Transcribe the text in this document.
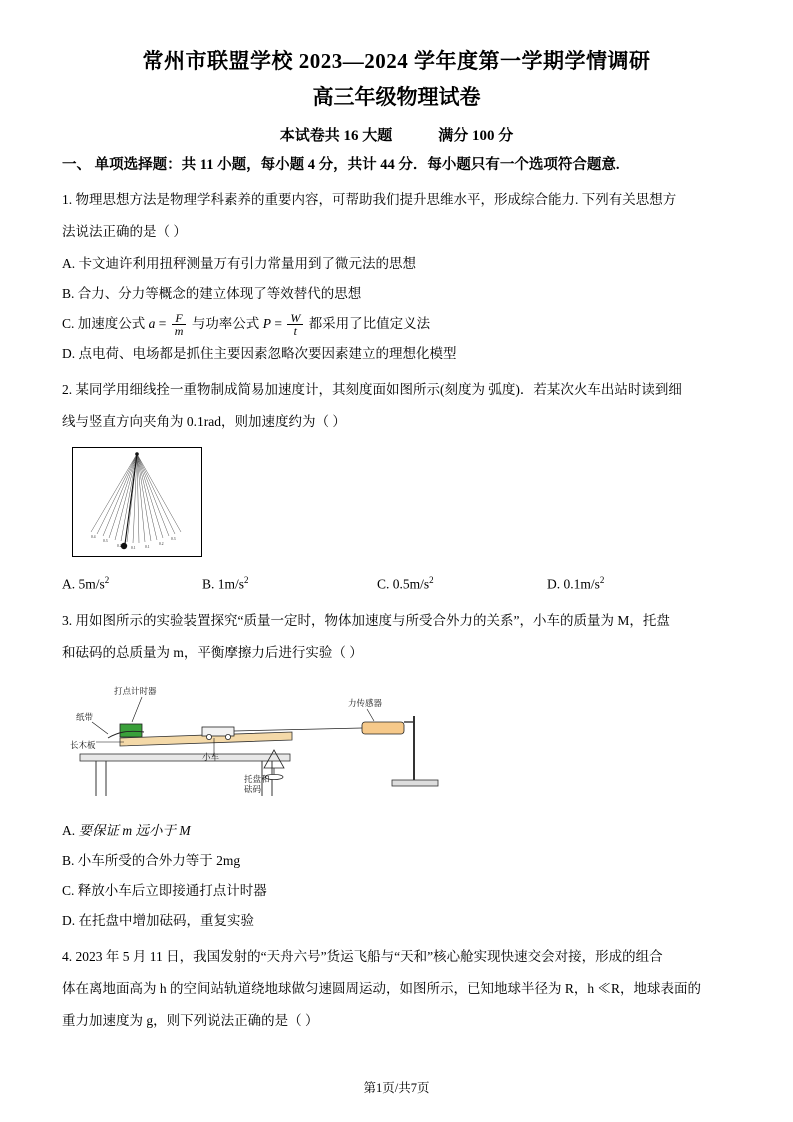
常州市联盟学校 2023—2024 学年度第一学期学情调研
高三年级物理试卷
本试卷共 16 大题	满分 100 分
一、 单项选择题：共 11 小题，每小题 4 分，共计 44 分．每小题只有一个选项符合题意.
1. 物理思想方法是物理学科素养的重要内容，可帮助我们提升思维水平，形成综合能力. 下列有关思想方
法说法正确的是（ ）
A. 卡文迪许利用扭秤测量万有引力常量用到了微元法的思想
B. 合力、分力等概念的建立体现了等效替代的思想
C. 加速度公式 $a = \frac{F}{m}$ 与功率公式 $P = \frac{W}{t}$ 都采用了比值定义法
D. 点电荷、电场都是抓住主要因素忽略次要因素建立的理想化模型
2. 某同学用细线拴一重物制成简易加速度计，其刻度面如图所示(刻度为 弧度)．若某次火车出站时读到细
线与竖直方向夹角为 0.1rad，则加速度约为（ ）
0.4
0.3
0.2	0.1	0.1
0.2
0.3
A. $5m/s^2$	B. $1m/s^2$	C. $0.5m/s^2$	D. $0.1m/s^2$
3. 用如图所示的实验装置探究“质量一定时，物体加速度与所受合外力的关系”，小车的质量为 M，托盘
和砝码的总质量为 m，平衡摩擦力后进行实验（ ）
打点计时器
纸带
长木板
小车
力传感器
托盘和
砝码
A. 要保证 m 远小于 M
B. 小车所受的合外力等于 2mg
C. 释放小车后立即接通打点计时器
D. 在托盘中增加砝码，重复实验
4. 2023 年 5 月 11 日，我国发射的“天舟六号”货运飞船与“天和”核心舱实现快速交会对接，形成的组合
体在离地面高为 h 的空间站轨道绕地球做匀速圆周运动，如图所示，已知地球半径为 R，h ≪R，地球表面的
重力加速度为 g，则下列说法正确的是（ ）
第1页/共7页
